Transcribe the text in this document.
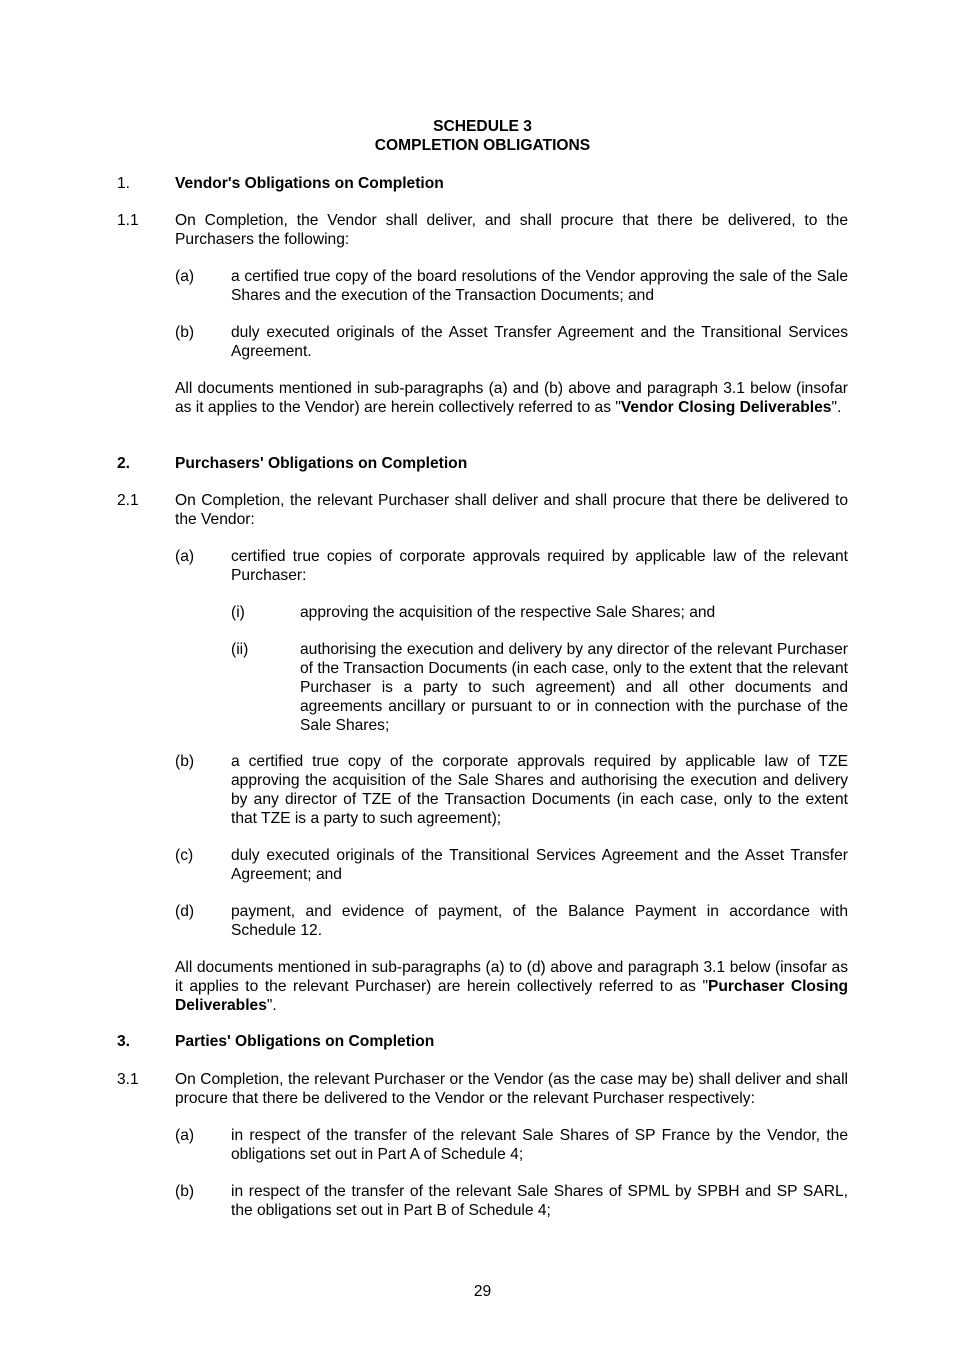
SCHEDULE 3
COMPLETION OBLIGATIONS
1.	Vendor's Obligations on Completion
1.1 On Completion, the Vendor shall deliver, and shall procure that there be delivered, to the Purchasers the following:
(a) a certified true copy of the board resolutions of the Vendor approving the sale of the Sale Shares and the execution of the Transaction Documents; and
(b) duly executed originals of the Asset Transfer Agreement and the Transitional Services Agreement.
All documents mentioned in sub-paragraphs (a) and (b) above and paragraph 3.1 below (insofar as it applies to the Vendor) are herein collectively referred to as "Vendor Closing Deliverables".
2.	Purchasers' Obligations on Completion
2.1 On Completion, the relevant Purchaser shall deliver and shall procure that there be delivered to the Vendor:
(a) certified true copies of corporate approvals required by applicable law of the relevant Purchaser:
(i)	approving the acquisition of the respective Sale Shares; and
(ii)	authorising the execution and delivery by any director of the relevant Purchaser of the Transaction Documents (in each case, only to the extent that the relevant Purchaser is a party to such agreement) and all other documents and agreements ancillary or pursuant to or in connection with the purchase of the Sale Shares;
(b) a certified true copy of the corporate approvals required by applicable law of TZE approving the acquisition of the Sale Shares and authorising the execution and delivery by any director of TZE of the Transaction Documents (in each case, only to the extent that TZE is a party to such agreement);
(c) duly executed originals of the Transitional Services Agreement and the Asset Transfer Agreement; and
(d) payment, and evidence of payment, of the Balance Payment in accordance with Schedule 12.
All documents mentioned in sub-paragraphs (a) to (d) above and paragraph 3.1 below (insofar as it applies to the relevant Purchaser) are herein collectively referred to as "Purchaser Closing Deliverables".
3.	Parties' Obligations on Completion
3.1 On Completion, the relevant Purchaser or the Vendor (as the case may be) shall deliver and shall procure that there be delivered to the Vendor or the relevant Purchaser respectively:
(a) in respect of the transfer of the relevant Sale Shares of SP France by the Vendor, the obligations set out in Part A of Schedule 4;
(b) in respect of the transfer of the relevant Sale Shares of SPML by SPBH and SP SARL, the obligations set out in Part B of Schedule 4;
29
